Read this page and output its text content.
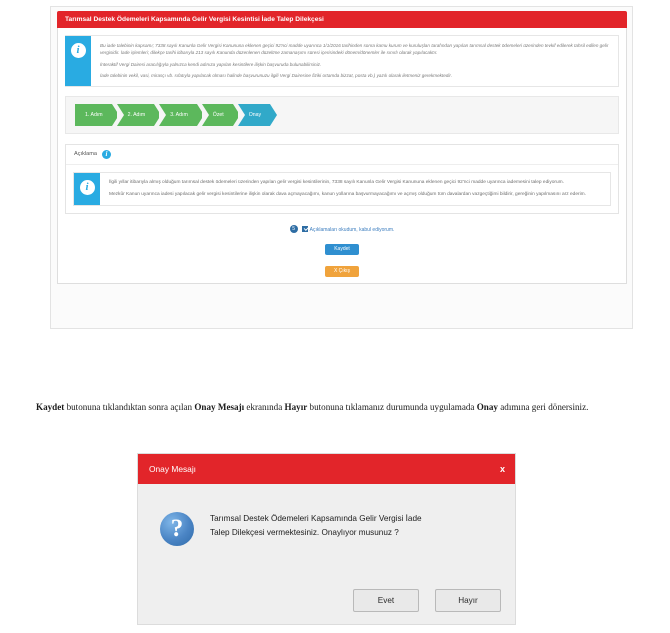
Tarımsal Destek Ödemeleri Kapsamında Gelir Vergisi Kesintisi İade Talep Dilekçesi
i	Bu iade talebinin kapsamı; 7338 sayılı Kanunla Gelir Vergisi Kanununa eklenen geçici 92'nci madde uyarınca 1/1/2016 tarihinden sonra kamu kurum ve kuruluşları tarafından yapılan tarımsal destek ödemeleri üzerinden tevkif edilerek tahsil edilen gelir vergisidir. İade işlemleri; dilekçe tarihi itibarıyla 213 sayılı Kanunda düzenlenen düzeltme zamanaşımı süresi içerisindeki dönem/dönemler ile sınırlı olarak yapılacaktır.

İnteraktif Vergi Dairesi aracılığıyla yalnızca kendi adınıza yapılan kesintilere ilişkin başvuruda bulunabilirsiniz.

İade talebinin vekil, vasi, mirasçı vb. sıfatıyla yapılacak olması halinde başvurunuzu ilgili Vergi Dairesine fiziki ortamda bizzat, posta vb.) yazılı olarak iletmeniz gerekmektedir.

1. Adım	2. Adım	3. Adım	Özet	Onay
Açıklama	i
i	İlgili yıllar itibarıyla almış olduğum tarımsal destek ödemeleri üzerinden yapılan gelir vergisi kesintilerinin, 7338 sayılı Kanunla Gelir Vergisi Kanununa eklenen geçici 92'nci madde uyarınca iademesini talep ediyorum.

Mezkûr Kanun uyarınca iadesi yapılacak gelir vergisi kesintilerine ilişkin olarak dava açmayacağımı, kanun yollarına başvurmayacağımı ve açmış olduğum tüm davalardan vazgeçtiğimi bildirir, gereğinin yapılmasını arz ederim.

5	Açıklamaları okudum, kabul ediyorum.
Kaydet
X Çıkış
Kaydet butonuna tıklandıktan sonra açılan Onay Mesajı ekranında Hayır butonuna tıklamanız durumunda uygulamada Onay adımına geri dönersiniz.
Onay Mesajı	x
?	Tarımsal Destek Ödemeleri Kapsamında Gelir Vergisi İade
Talep Dilekçesi vermektesiniz. Onaylıyor musunuz ?
Evet	Hayır
